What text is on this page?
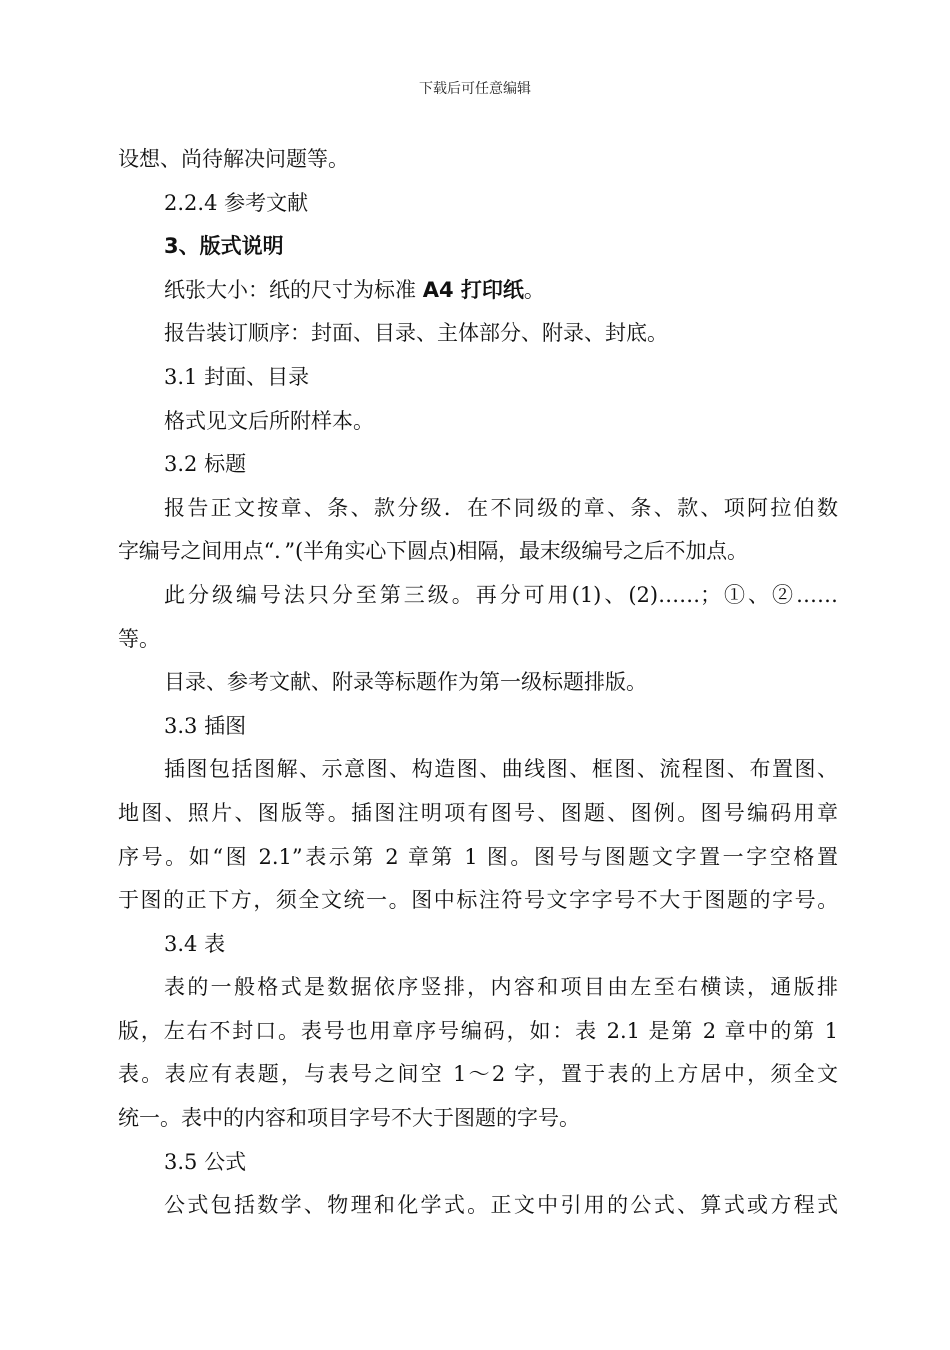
下载后可任意编辑
设想、尚待解决问题等。
2.2.4 参考文献
3、版式说明
纸张大小：纸的尺寸为标准 A4 打印纸。
报告装订顺序：封面、目录、主体部分、附录、封底。
3.1 封面、目录
格式见文后所附样本。
3.2 标题
报告正文按章、条、款分级．在不同级的章、条、款、项阿拉伯数
字编号之间用点“．”(半角实心下圆点)相隔，最末级编号之后不加点。
此分级编号法只分至第三级。再分可用(1)、(2)……；①、②……
等。
目录、参考文献、附录等标题作为第一级标题排版。
3.3 插图
插图包括图解、示意图、构造图、曲线图、框图、流程图、布置图、
地图、照片、图版等。插图注明项有图号、图题、图例。图号编码用章
序号。如“图 2.1”表示第 2 章第 1 图。图号与图题文字置一字空格置
于图的正下方，须全文统一。图中标注符号文字字号不大于图题的字号。
3.4 表
表的一般格式是数据依序竖排，内容和项目由左至右横读，通版排
版，左右不封口。表号也用章序号编码，如：表 2.1 是第 2 章中的第 1
表。表应有表题，与表号之间空 1～2 字，置于表的上方居中，须全文
统一。表中的内容和项目字号不大于图题的字号。
3.5 公式
公式包括数学、物理和化学式。正文中引用的公式、算式或方程式
